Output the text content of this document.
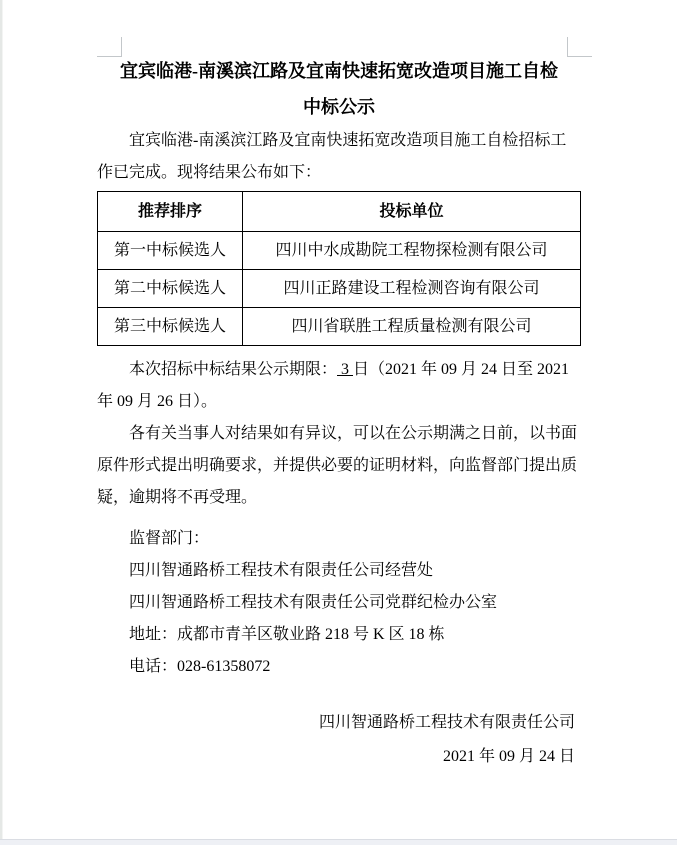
宜宾临港-南溪滨江路及宜南快速拓宽改造项目施工自检
中标公示

宜宾临港-南溪滨江路及宜南快速拓宽改造项目施工自检招标工作已完成。现将结果公布如下：

推荐排序	投标单位
第一中标候选人	四川中水成勘院工程物探检测有限公司
第二中标候选人	四川正路建设工程检测咨询有限公司
第三中标候选人	四川省联胜工程质量检测有限公司

本次招标中标结果公示期限： 3 日（2021 年 09 月 24 日至 2021 年 09 月 26 日）。

各有关当事人对结果如有异议，可以在公示期满之日前，以书面原件形式提出明确要求，并提供必要的证明材料，向监督部门提出质疑，逾期将不再受理。

监督部门：

四川智通路桥工程技术有限责任公司经营处

四川智通路桥工程技术有限责任公司党群纪检办公室

地址：成都市青羊区敬业路 218 号 K 区 18 栋

电话：028-61358072

四川智通路桥工程技术有限责任公司

2021 年 09 月 24 日
